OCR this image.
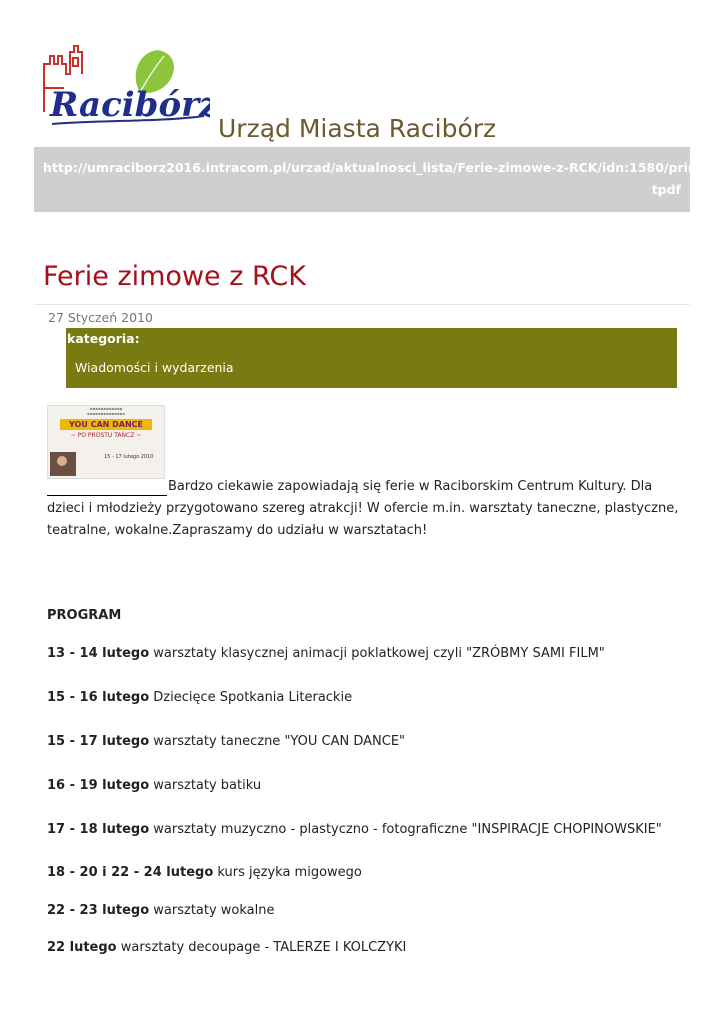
Racibórz
Urząd Miasta Racibórz
http://umraciborz2016.intracom.pl/urzad/aktualnosci_lista/Ferie-zimowe-z-RCK/idn:1580/prin
tpdf
Ferie zimowe z RCK
27 Styczeń 2010
kategoria:
Wiadomości i wydarzenia
▪▪▪▪▪▪▪▪▪▪▪▪
▪▪▪▪▪▪▪▪▪▪▪▪▪▪
YOU CAN DANCE
~ PO PROSTU TAŃCZ ~
15 - 17 lutego 2010

Bardzo ciekawie zapowiadają się ferie w Raciborskim Centrum Kultury. Dla dzieci i młodzieży przygotowano szereg atrakcji! W ofercie m.in. warsztaty taneczne, plastyczne, teatralne, wokalne.Zapraszamy do udziału w warsztatach!

PROGRAM
13 - 14 lutego warsztaty klasycznej animacji poklatkowej czyli "ZRÓBMY SAMI FILM"
15 - 16 lutego Dziecięce Spotkania Literackie
15 - 17 lutego warsztaty taneczne "YOU CAN DANCE"
16 - 19 lutego warsztaty batiku
17 - 18 lutego warsztaty muzyczno - plastyczno - fotograficzne "INSPIRACJE CHOPINOWSKIE"
18 - 20 i 22 - 24 lutego kurs języka migowego
22 - 23 lutego warsztaty wokalne
22 lutego warsztaty decoupage - TALERZE I KOLCZYKI
